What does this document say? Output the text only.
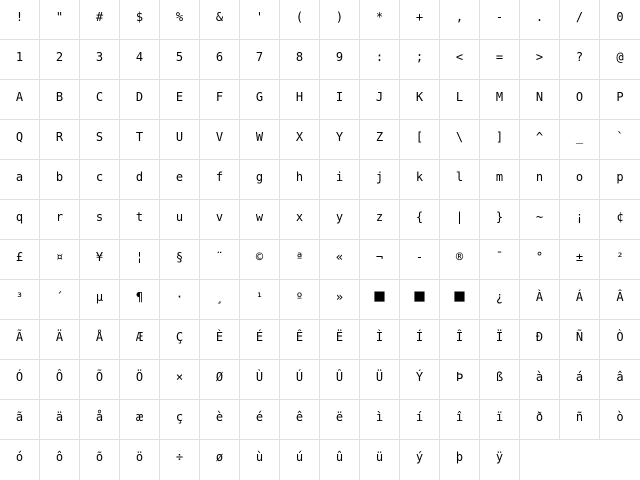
!	"	#	$	%	&	'	(	)	*	+	,	-	.	/	0
1	2	3	4	5	6	7	8	9	:	;	<	=	>	?	@
A	B	C	D	E	F	G	H	I	J	K	L	M	N	O	P
Q	R	S	T	U	V	W	X	Y	Z	[	\	]	^	_	`
a	b	c	d	e	f	g	h	i	j	k	l	m	n	o	p
q	r	s	t	u	v	w	x	y	z	{	|	}	~	¡	¢
£	¤	¥	¦	§	¨	©	ª	«	¬	-	®	¯	°	±	²
³	´	µ	¶	·	¸	¹	º	»	■	■	■	¿	À	Á	Â
Ã	Ä	Å	Æ	Ç	È	É	Ê	Ë	Ì	Í	Î	Ï	Ð	Ñ	Ò
Ó	Ô	Õ	Ö	×	Ø	Ù	Ú	Û	Ü	Ý	Þ	ß	à	á	â
ã	ä	å	æ	ç	è	é	ê	ë	ì	í	î	ï	ð	ñ	ò
ó	ô	õ	ö	÷	ø	ù	ú	û	ü	ý	þ	ÿ
